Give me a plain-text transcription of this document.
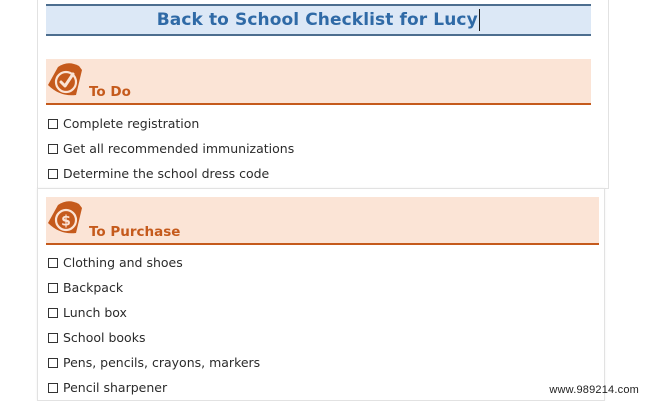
Back to School Checklist for Lucy
To Do
Complete registration
Get all recommended immunizations
Determine the school dress code
$
To Purchase
Clothing and shoes
Backpack
Lunch box
School books
Pens, pencils, crayons, markers
Pencil sharpener	www.989214.com
